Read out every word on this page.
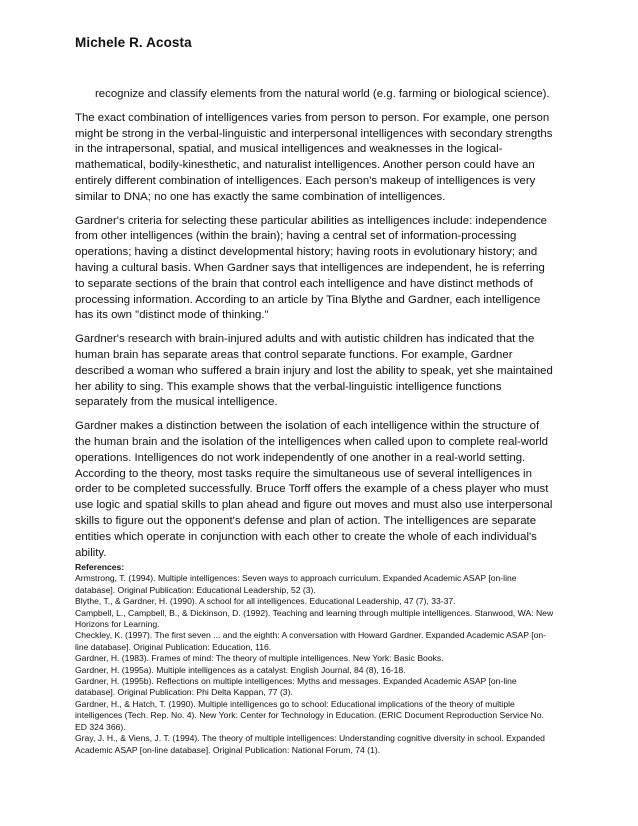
Michele R. Acosta

recognize and classify elements from the natural world (e.g. farming or biological science).

The exact combination of intelligences varies from person to person. For example, one person might be strong in the verbal-linguistic and interpersonal intelligences with secondary strengths in the intrapersonal, spatial, and musical intelligences and weaknesses in the logical-mathematical, bodily-kinesthetic, and naturalist intelligences. Another person could have an entirely different combination of intelligences. Each person's makeup of intelligences is very similar to DNA; no one has exactly the same combination of intelligences.

Gardner's criteria for selecting these particular abilities as intelligences include: independence from other intelligences (within the brain); having a central set of information-processing operations; having a distinct developmental history; having roots in evolutionary history; and having a cultural basis. When Gardner says that intelligences are independent, he is referring to separate sections of the brain that control each intelligence and have distinct methods of processing information. According to an article by Tina Blythe and Gardner, each intelligence has its own "distinct mode of thinking."

Gardner's research with brain-injured adults and with autistic children has indicated that the human brain has separate areas that control separate functions. For example, Gardner described a woman who suffered a brain injury and lost the ability to speak, yet she maintained her ability to sing. This example shows that the verbal-linguistic intelligence functions separately from the musical intelligence.

Gardner makes a distinction between the isolation of each intelligence within the structure of the human brain and the isolation of the intelligences when called upon to complete real-world operations. Intelligences do not work independently of one another in a real-world setting. According to the theory, most tasks require the simultaneous use of several intelligences in order to be completed successfully. Bruce Torff offers the example of a chess player who must use logic and spatial skills to plan ahead and figure out moves and must also use interpersonal skills to figure out the opponent's defense and plan of action. The intelligences are separate entities which operate in conjunction with each other to create the whole of each individual's ability.

References:
Armstrong, T. (1994). Multiple intelligences: Seven ways to approach curriculum. Expanded Academic ASAP [on-line database]. Original Publication: Educational Leadership, 52 (3).
Blythe, T., & Gardner, H. (1990). A school for all intelligences. Educational Leadership, 47 (7), 33-37.
Campbell, L., Campbell, B., & Dickinson, D. (1992). Teaching and learning through multiple intelligences. Stanwood, WA: New Horizons for Learning.
Checkley, K. (1997). The first seven ... and the eighth: A conversation with Howard Gardner. Expanded Academic ASAP [on-line database]. Original Publication: Education, 116.
Gardner, H. (1983). Frames of mind: The theory of multiple intelligences. New York: Basic Books.
Gardner, H. (1995a). Multiple intelligences as a catalyst. English Journal, 84 (8), 16-18.
Gardner, H. (1995b). Reflections on multiple intelligences: Myths and messages. Expanded Academic ASAP [on-line database]. Original Publication: Phi Delta Kappan, 77 (3).
Gardner, H., & Hatch, T. (1990). Multiple intelligences go to school: Educational implications of the theory of multiple intelligences (Tech. Rep. No. 4). New York: Center for Technology in Education. (ERIC Document Reproduction Service No. ED 324 366).
Gray, J. H., & Viens, J. T. (1994). The theory of multiple intelligences: Understanding cognitive diversity in school. Expanded Academic ASAP [on-line database]. Original Publication: National Forum, 74 (1).
